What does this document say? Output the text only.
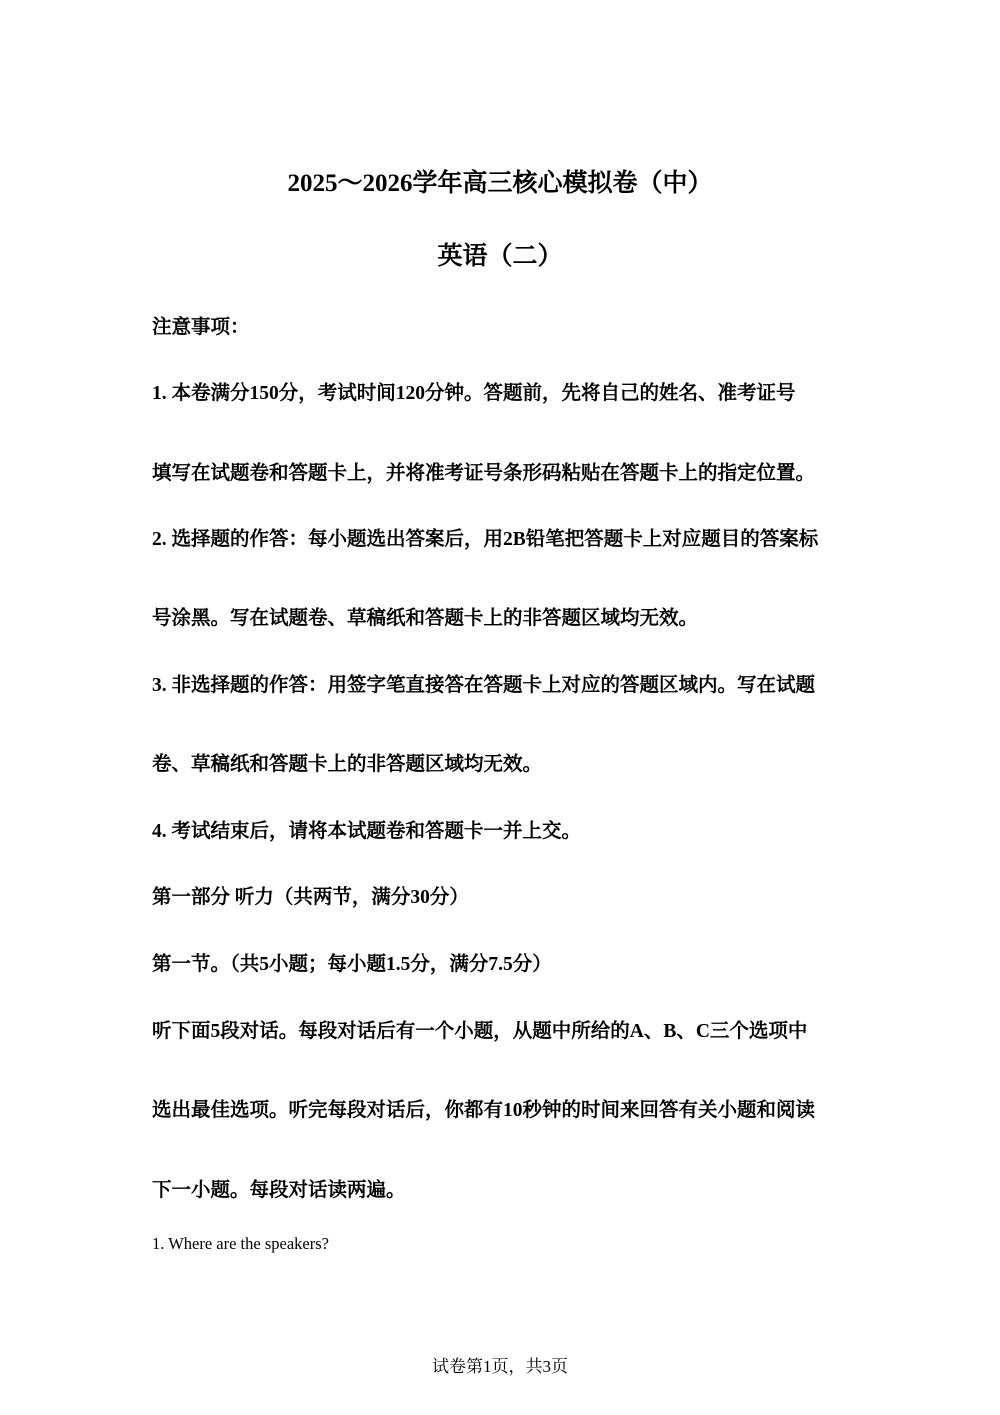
2025～2026学年高三核心模拟卷（中）
英语（二）

注意事项：

1. 本卷满分150分，考试时间120分钟。答题前，先将自己的姓名、准考证号

填写在试题卷和答题卡上，并将准考证号条形码粘贴在答题卡上的指定位置。

2. 选择题的作答：每小题选出答案后，用2B铅笔把答题卡上对应题目的答案标

号涂黑。写在试题卷、草稿纸和答题卡上的非答题区域均无效。

3. 非选择题的作答：用签字笔直接答在答题卡上对应的答题区域内。写在试题

卷、草稿纸和答题卡上的非答题区域均无效。

4. 考试结束后，请将本试题卷和答题卡一并上交。

第一部分 听力（共两节，满分30分）

第一节。（共5小题；每小题1.5分，满分7.5分）

听下面5段对话。每段对话后有一个小题，从题中所给的A、B、C三个选项中

选出最佳选项。听完每段对话后，你都有10秒钟的时间来回答有关小题和阅读

下一小题。每段对话读两遍。

1. Where are the speakers?

试卷第1页，共3页
